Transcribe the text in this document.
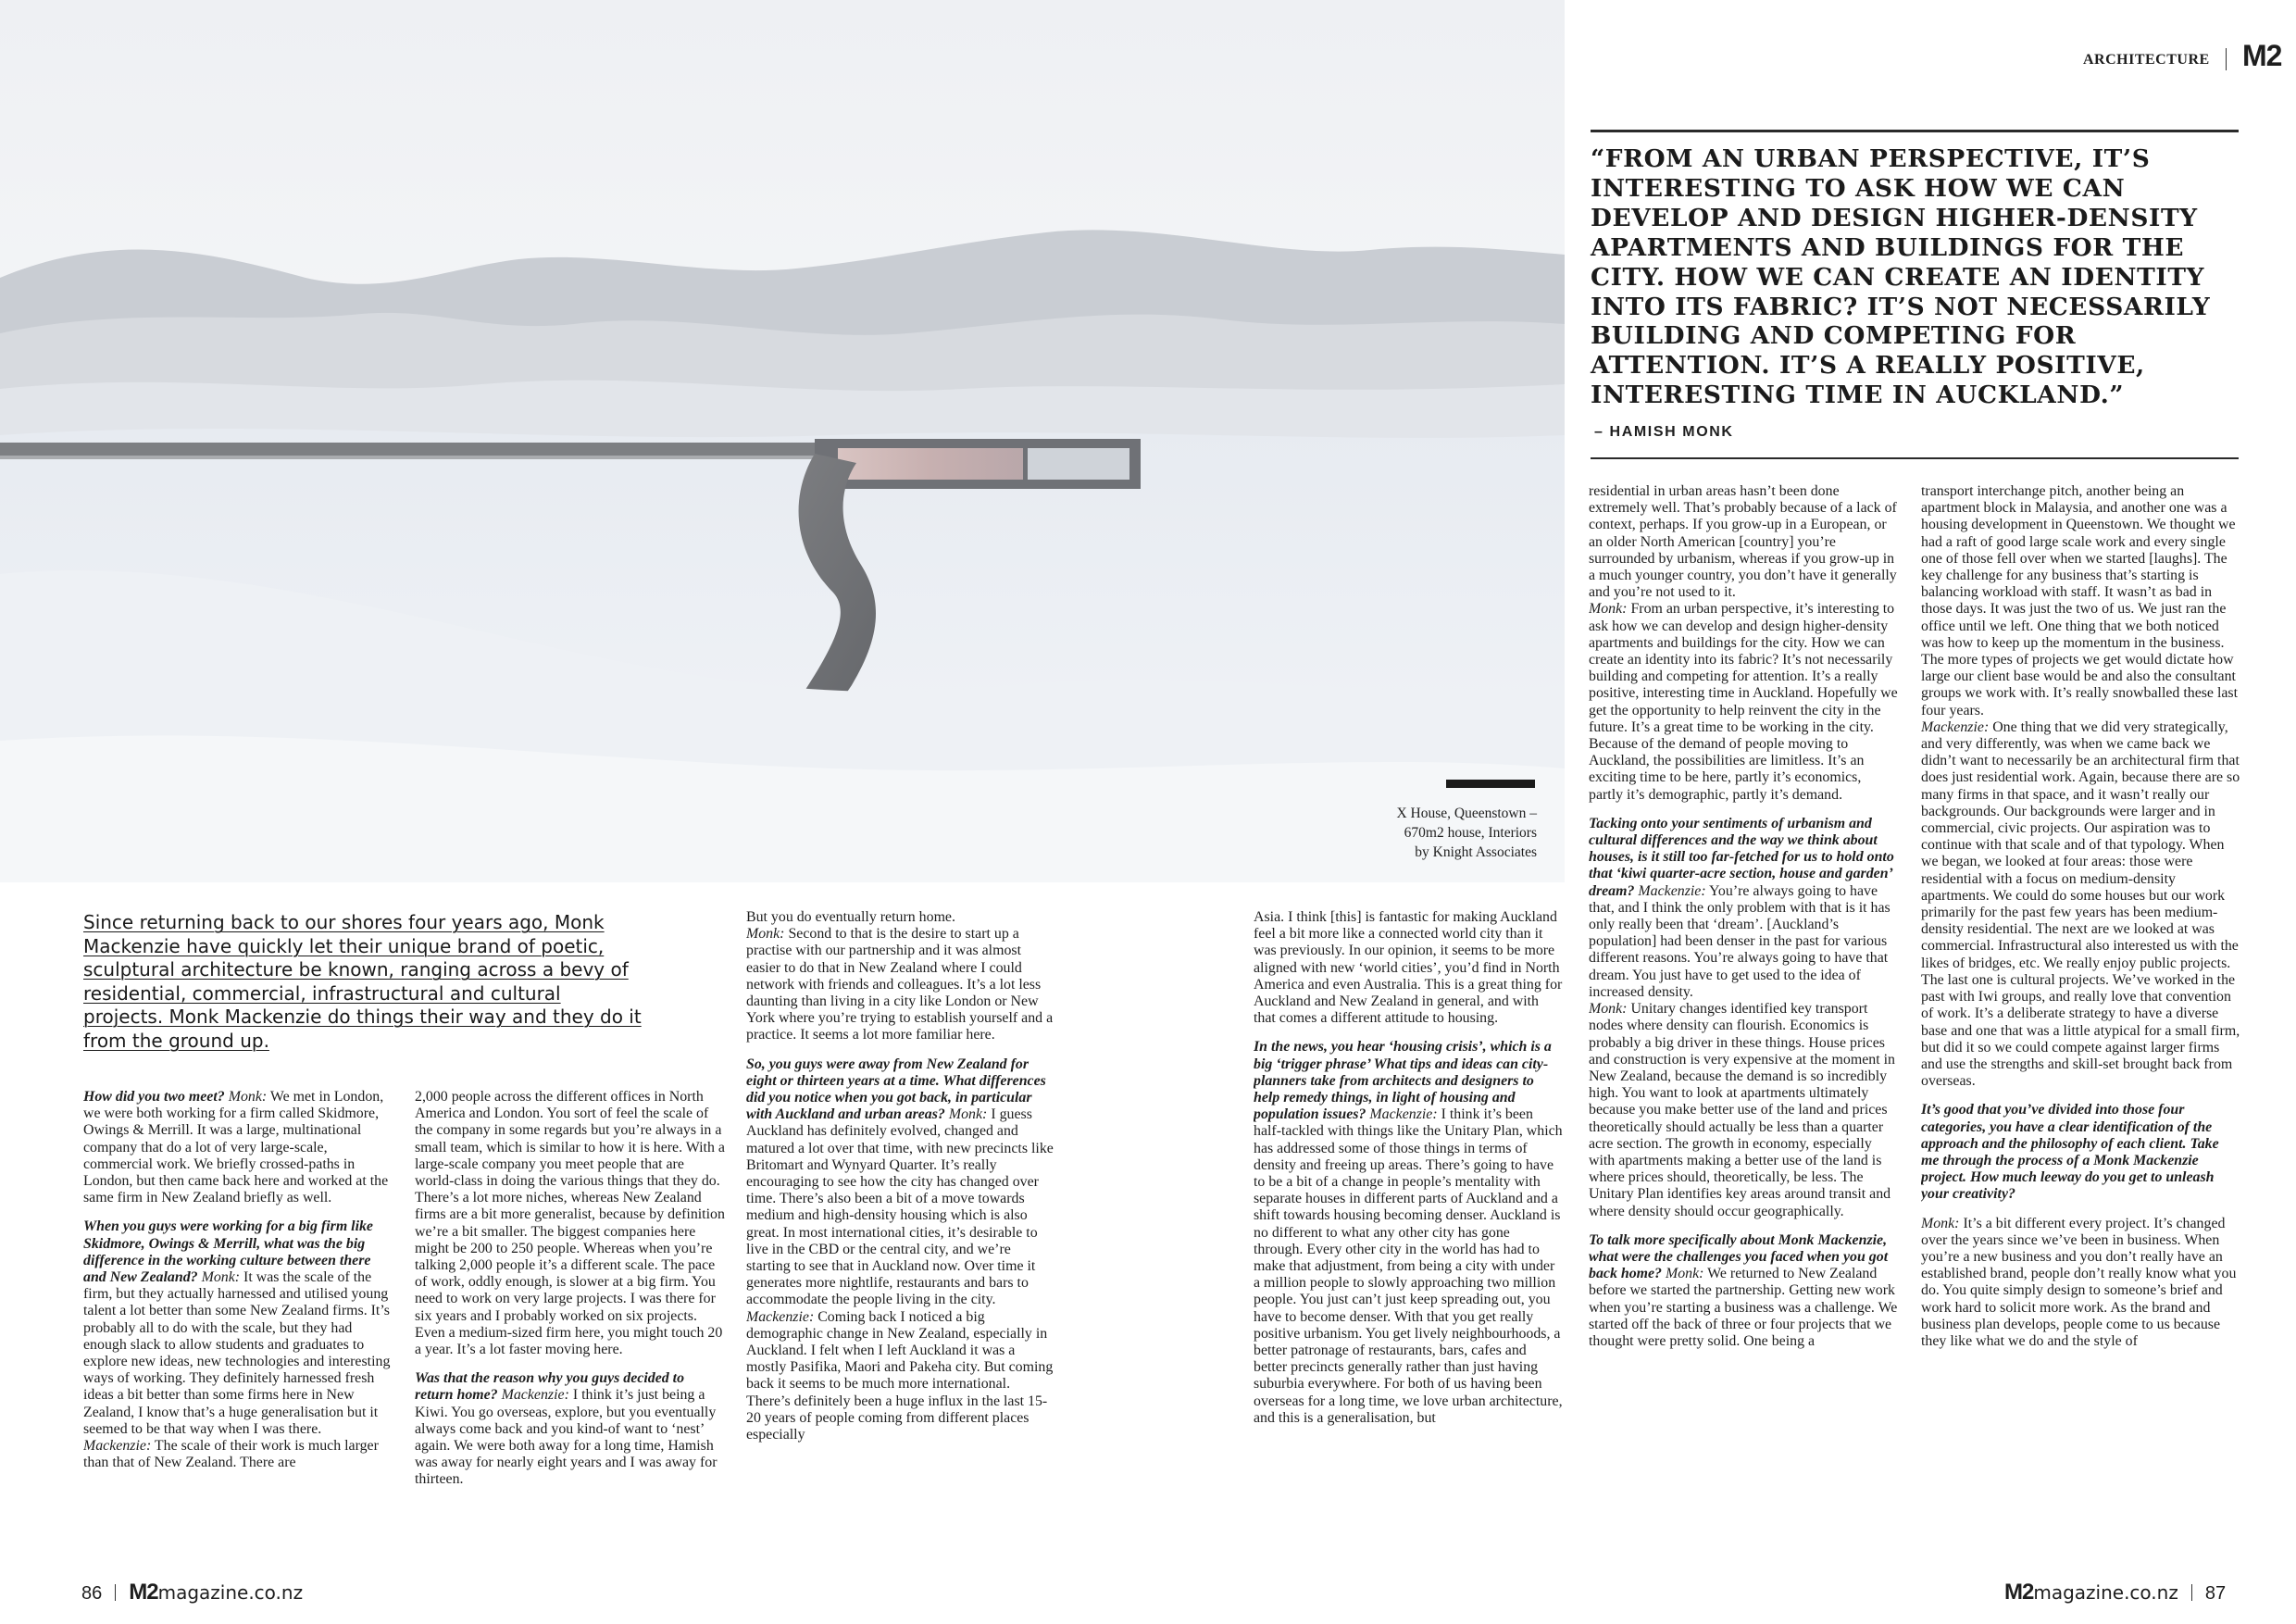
X House, Queenstown –
670m2 house, Interiors
by Knight Associates
ARCHITECTURE M2
“FROM AN URBAN PERSPECTIVE, IT’S
INTERESTING TO ASK HOW WE CAN
DEVELOP AND DESIGN HIGHER-DENSITY
APARTMENTS AND BUILDINGS FOR THE
CITY. HOW WE CAN CREATE AN IDENTITY
INTO ITS FABRIC? IT’S NOT NECESSARILY
BUILDING AND COMPETING FOR
ATTENTION. IT’S A REALLY POSITIVE,
INTERESTING TIME IN AUCKLAND.”
– HAMISH MONK

Since returning back to our shores four years ago, Monk Mackenzie have quickly let their unique brand of poetic, sculptural architecture be known, ranging across a bevy of residential, commercial, infrastructural and cultural projects. Monk Mackenzie do things their way and they do it from the ground up.

How did you two meet? Monk: We met in London, we were both working for a firm called Skidmore, Owings & Merrill. It was a large, multinational company that do a lot of very large-scale, commercial work. We briefly crossed-paths in London, but then came back here and worked at the same firm in New Zealand briefly as well.

When you guys were working for a big firm like Skidmore, Owings & Merrill, what was the big difference in the working culture between there and New Zealand? Monk: It was the scale of the firm, but they actually harnessed and utilised young talent a lot better than some New Zealand firms. It’s probably all to do with the scale, but they had enough slack to allow students and graduates to explore new ideas, new technologies and interesting ways of working. They definitely harnessed fresh ideas a bit better than some firms here in New Zealand, I know that’s a huge generalisation but it seemed to be that way when I was there.

Mackenzie: The scale of their work is much larger than that of New Zealand. There are

2,000 people across the different offices in North America and London. You sort of feel the scale of the company in some regards but you’re always in a small team, which is similar to how it is here. With a large-scale company you meet people that are world-class in doing the various things that they do. There’s a lot more niches, whereas New Zealand firms are a bit more generalist, because by definition we’re a bit smaller. The biggest companies here might be 200 to 250 people. Whereas when you’re talking 2,000 people it’s a different scale. The pace of work, oddly enough, is slower at a big firm. You need to work on very large projects. I was there for six years and I probably worked on six projects. Even a medium-sized firm here, you might touch 20 a year. It’s a lot faster moving here.

Was that the reason why you guys decided to return home? Mackenzie: I think it’s just being a Kiwi. You go overseas, explore, but you eventually always come back and you kind-of want to ‘nest’ again. We were both away for a long time, Hamish was away for nearly eight years and I was away for thirteen.

But you do eventually return home.

Monk: Second to that is the desire to start up a practise with our partnership and it was almost easier to do that in New Zealand where I could network with friends and colleagues. It’s a lot less daunting than living in a city like London or New York where you’re trying to establish yourself and a practice. It seems a lot more familiar here.

So, you guys were away from New Zealand for eight or thirteen years at a time. What differences did you notice when you got back, in particular with Auckland and urban areas? Monk: I guess Auckland has definitely evolved, changed and matured a lot over that time, with new precincts like Britomart and Wynyard Quarter. It’s really encouraging to see how the city has changed over time. There’s also been a bit of a move towards medium and high-density housing which is also great. In most international cities, it’s desirable to live in the CBD or the central city, and we’re starting to see that in Auckland now. Over time it generates more nightlife, restaurants and bars to accommodate the people living in the city.

Mackenzie: Coming back I noticed a big demographic change in New Zealand, especially in Auckland. I felt when I left Auckland it was a mostly Pasifika, Maori and Pakeha city. But coming back it seems to be much more international. There’s definitely been a huge influx in the last 15-20 years of people coming from different places especially

Asia. I think [this] is fantastic for making Auckland feel a bit more like a connected world city than it was previously. In our opinion, it seems to be more aligned with new ‘world cities’, you’d find in North America and even Australia. This is a great thing for Auckland and New Zealand in general, and with that comes a different attitude to housing.

In the news, you hear ‘housing crisis’, which is a big ‘trigger phrase’ What tips and ideas can city-planners take from architects and designers to help remedy things, in light of housing and population issues? Mackenzie: I think it’s been half-tackled with things like the Unitary Plan, which has addressed some of those things in terms of density and freeing up areas. There’s going to have to be a bit of a change in people’s mentality with separate houses in different parts of Auckland and a shift towards housing becoming denser. Auckland is no different to what any other city has gone through. Every other city in the world has had to make that adjustment, from being a city with under a million people to slowly approaching two million people. You just can’t just keep spreading out, you have to become denser. With that you get really positive urbanism. You get lively neighbourhoods, a better patronage of restaurants, bars, cafes and better precincts generally rather than just having suburbia everywhere. For both of us having been overseas for a long time, we love urban architecture, and this is a generalisation, but

residential in urban areas hasn’t been done extremely well. That’s probably because of a lack of context, perhaps. If you grow-up in a European, or an older North American [country] you’re surrounded by urbanism, whereas if you grow-up in a much younger country, you don’t have it generally and you’re not used to it.

Monk: From an urban perspective, it’s interesting to ask how we can develop and design higher-density apartments and buildings for the city. How we can create an identity into its fabric? It’s not necessarily building and competing for attention. It’s a really positive, interesting time in Auckland. Hopefully we get the opportunity to help reinvent the city in the future. It’s a great time to be working in the city. Because of the demand of people moving to Auckland, the possibilities are limitless. It’s an exciting time to be here, partly it’s economics, partly it’s demographic, partly it’s demand.

Tacking onto your sentiments of urbanism and cultural differences and the way we think about houses, is it still too far-fetched for us to hold onto that ‘kiwi quarter-acre section, house and garden’ dream? Mackenzie: You’re always going to have that, and I think the only problem with that is it has only really been that ‘dream’. [Auckland’s population] had been denser in the past for various different reasons. You’re always going to have that dream. You just have to get used to the idea of increased density.

Monk: Unitary changes identified key transport nodes where density can flourish. Economics is probably a big driver in these things. House prices and construction is very expensive at the moment in New Zealand, because the demand is so incredibly high. You want to look at apartments ultimately because you make better use of the land and prices theoretically should actually be less than a quarter acre section. The growth in economy, especially with apartments making a better use of the land is where prices should, theoretically, be less. The Unitary Plan identifies key areas around transit and where density should occur geographically.

To talk more specifically about Monk Mackenzie, what were the challenges you faced when you got back home? Monk: We returned to New Zealand before we started the partnership. Getting new work when you’re starting a business was a challenge. We started off the back of three or four projects that we thought were pretty solid. One being a

transport interchange pitch, another being an apartment block in Malaysia, and another one was a housing development in Queenstown. We thought we had a raft of good large scale work and every single one of those fell over when we started [laughs]. The key challenge for any business that’s starting is balancing workload with staff. It wasn’t as bad in those days. It was just the two of us. We just ran the office until we left. One thing that we both noticed was how to keep up the momentum in the business. The more types of projects we get would dictate how large our client base would be and also the consultant groups we work with. It’s really snowballed these last four years.

Mackenzie: One thing that we did very strategically, and very differently, was when we came back we didn’t want to necessarily be an architectural firm that does just residential work. Again, because there are so many firms in that space, and it wasn’t really our backgrounds. Our backgrounds were larger and in commercial, civic projects. Our aspiration was to continue with that scale and of that typology. When we began, we looked at four areas: those were residential with a focus on medium-density apartments. We could do some houses but our work primarily for the past few years has been medium-density residential. The next are we looked at was commercial. Infrastructural also interested us with the likes of bridges, etc. We really enjoy public projects. The last one is cultural projects. We’ve worked in the past with Iwi groups, and really love that convention of work. It’s a deliberate strategy to have a diverse base and one that was a little atypical for a small firm, but did it so we could compete against larger firms and use the strengths and skill-set brought back from overseas.

It’s good that you’ve divided into those four categories, you have a clear identification of the approach and the philosophy of each client. Take me through the process of a Monk Mackenzie project. How much leeway do you get to unleash your creativity?

Monk: It’s a bit different every project. It’s changed over the years since we’ve been in business. When you’re a new business and you don’t really have an established brand, people don’t really know what you do. You quite simply design to someone’s brief and work hard to solicit more work. As the brand and business plan develops, people come to us because they like what we do and the style of

86 M2magazine.co.nz	M2magazine.co.nz 87
